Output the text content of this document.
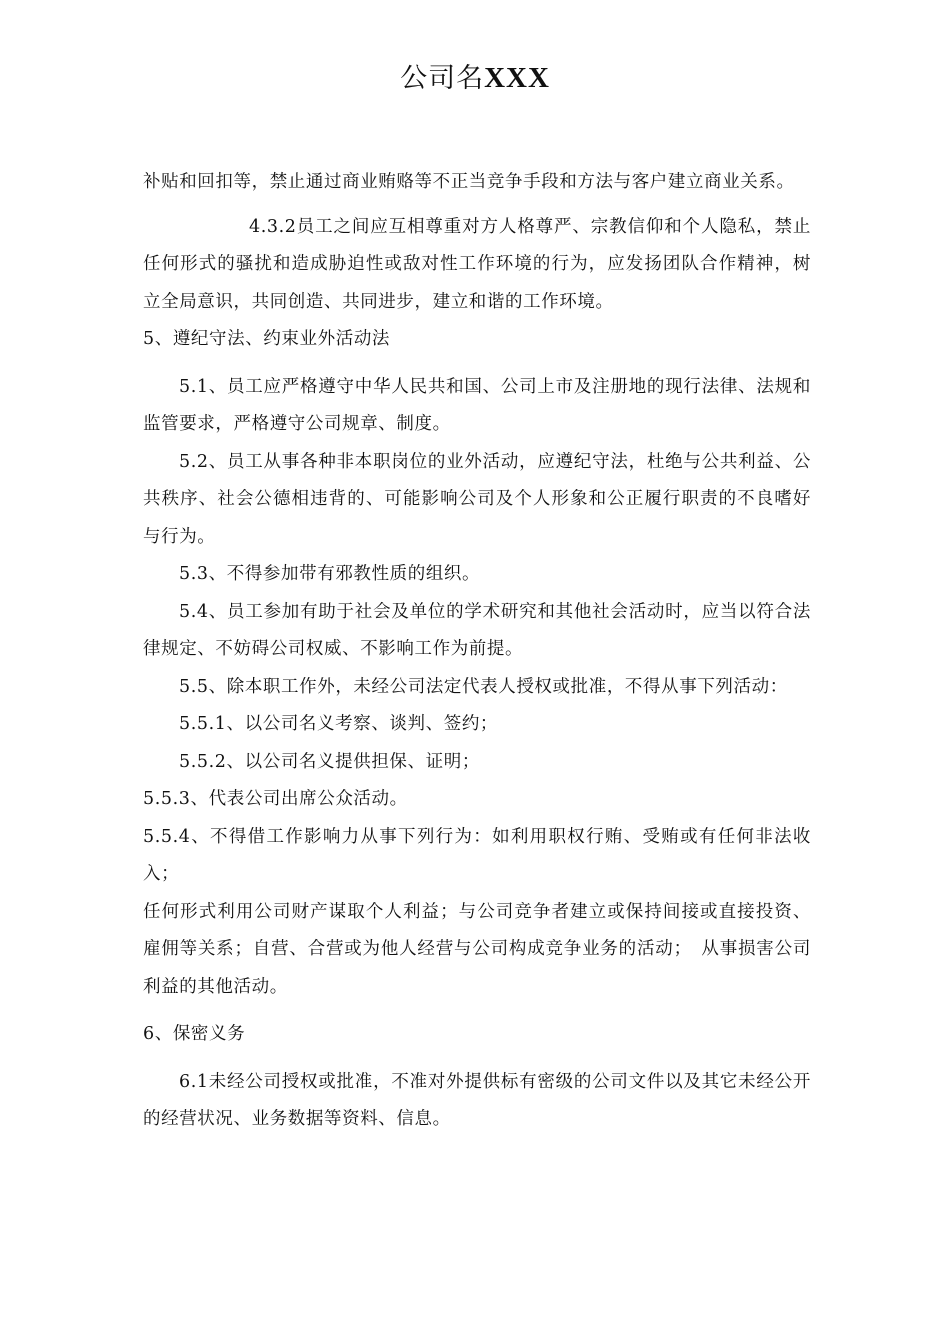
公司名XXX

补贴和回扣等，禁止通过商业贿赂等不正当竞争手段和方法与客户建立商业关系。

4.3.2员工之间应互相尊重对方人格尊严、宗教信仰和个人隐私，禁止任何形式的骚扰和造成胁迫性或敌对性工作环境的行为，应发扬团队合作精神，树立全局意识，共同创造、共同进步，建立和谐的工作环境。

5、遵纪守法、约束业外活动法

5.1、员工应严格遵守中华人民共和国、公司上市及注册地的现行法律、法规和监管要求，严格遵守公司规章、制度。

5.2、员工从事各种非本职岗位的业外活动，应遵纪守法，杜绝与公共利益、公共秩序、社会公德相违背的、可能影响公司及个人形象和公正履行职责的不良嗜好与行为。

5.3、不得参加带有邪教性质的组织。

5.4、员工参加有助于社会及单位的学术研究和其他社会活动时，应当以符合法律规定、不妨碍公司权威、不影响工作为前提。

5.5、除本职工作外，未经公司法定代表人授权或批准，不得从事下列活动：

5.5.1、以公司名义考察、谈判、签约；

5.5.2、以公司名义提供担保、证明；

5.5.3、代表公司出席公众活动。

5.5.4、不得借工作影响力从事下列行为：如利用职权行贿、受贿或有任何非法收入；

任何形式利用公司财产谋取个人利益；与公司竞争者建立或保持间接或直接投资、雇佣等关系；自营、合营或为他人经营与公司构成竞争业务的活动；　从事损害公司利益的其他活动。

6、保密义务

6.1未经公司授权或批准，不准对外提供标有密级的公司文件以及其它未经公开的经营状况、业务数据等资料、信息。
